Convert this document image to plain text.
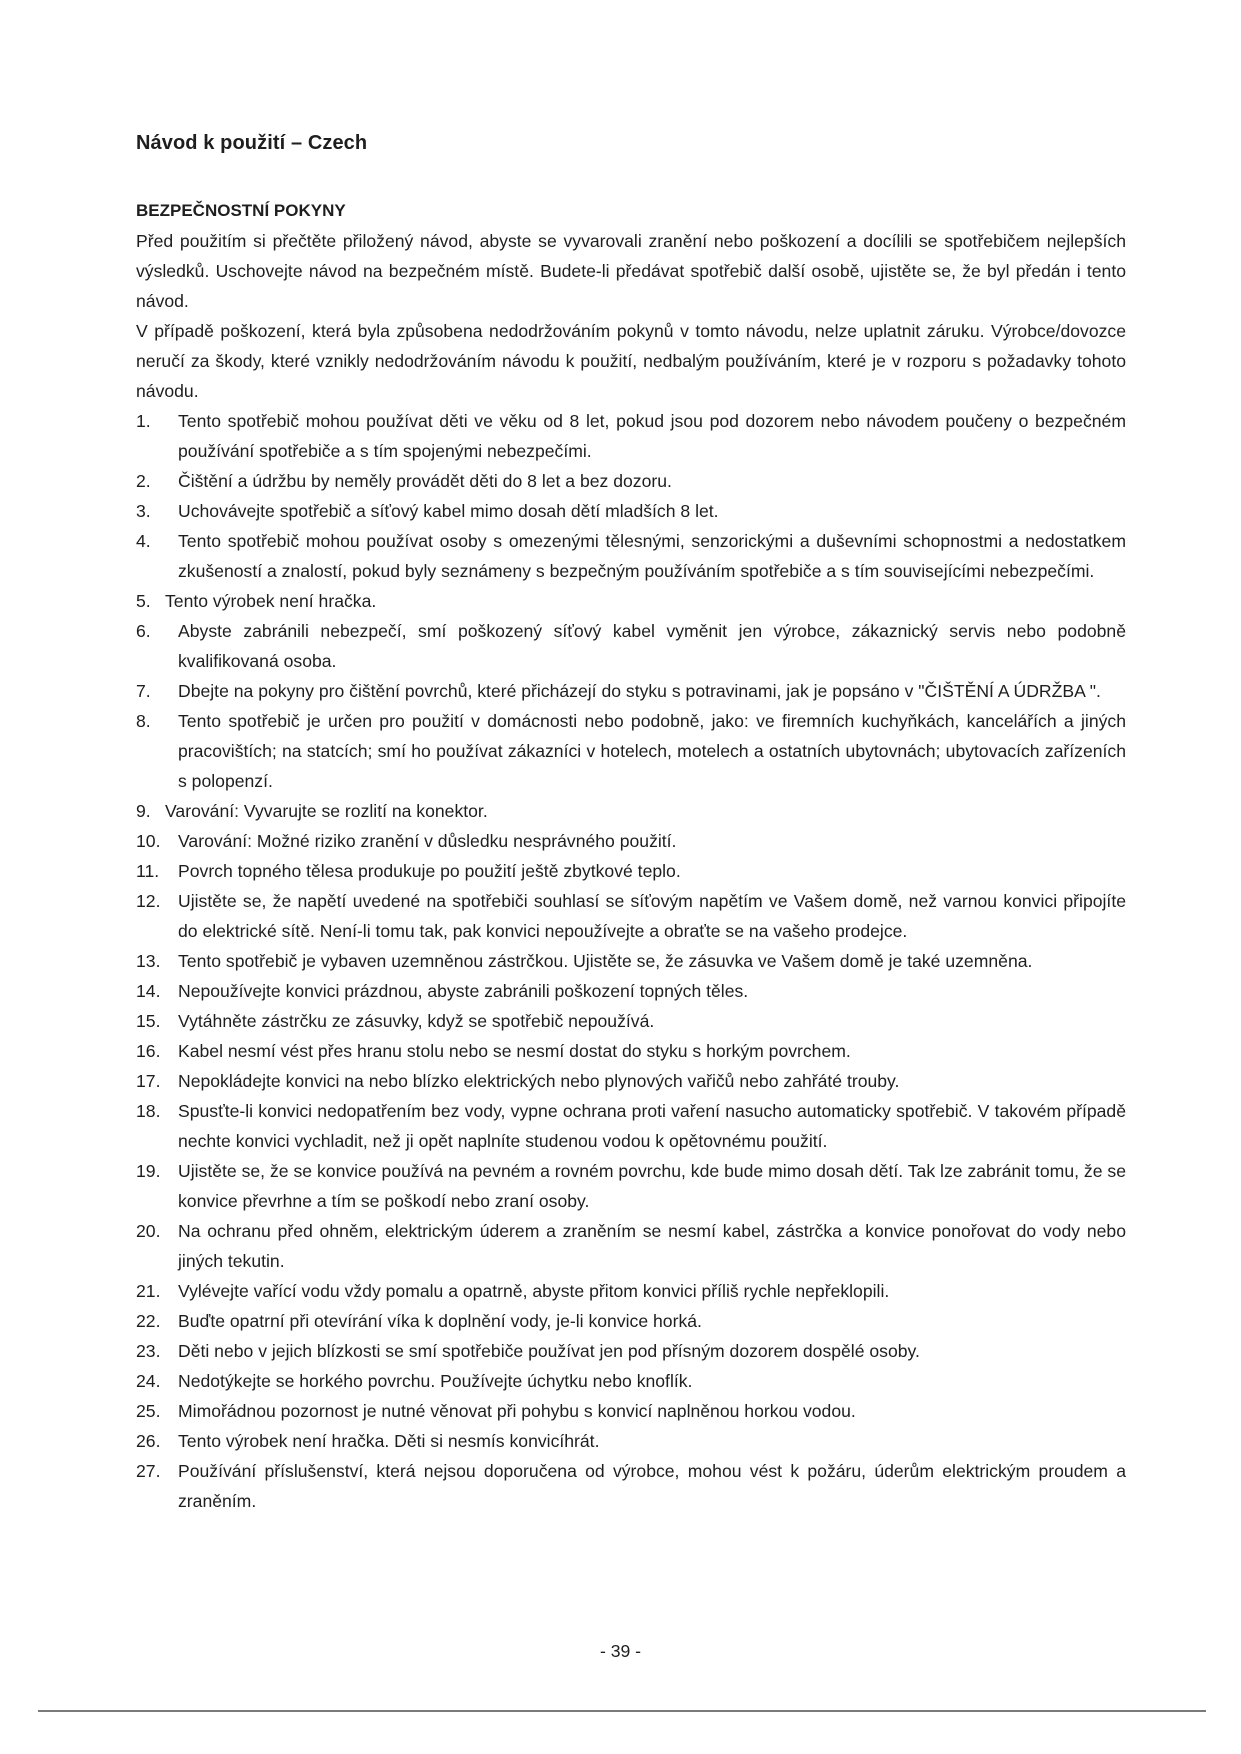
Návod k použití – Czech
BEZPEČNOSTNÍ POKYNY

Před použitím si přečtěte přiložený návod, abyste se vyvarovali zranění nebo poškození a docílili se spotřebičem nejlepších výsledků. Uschovejte návod na bezpečném místě. Budete-li předávat spotřebič další osobě, ujistěte se, že byl předán i tento návod.

V případě poškození, která byla způsobena nedodržováním pokynů v tomto návodu, nelze uplatnit záruku. Výrobce/dovozce neručí za škody, které vznikly nedodržováním návodu k použití, nedbalým používáním, které je v rozporu s požadavky tohoto návodu.

1. Tento spotřebič mohou používat děti ve věku od 8 let, pokud jsou pod dozorem nebo návodem poučeny o bezpečném používání spotřebiče a s tím spojenými nebezpečími.
2. Čištění a údržbu by neměly provádět děti do 8 let a bez dozoru.
3. Uchovávejte spotřebič a síťový kabel mimo dosah dětí mladších 8 let.
4. Tento spotřebič mohou používat osoby s omezenými tělesnými, senzorickými a duševními schopnostmi a nedostatkem zkušeností a znalostí, pokud byly seznámeny s bezpečným používáním spotřebiče a s tím souvisejícími nebezpečími.
5. Tento výrobek není hračka.
6. Abyste zabránili nebezpečí, smí poškozený síťový kabel vyměnit jen výrobce, zákaznický servis nebo podobně kvalifikovaná osoba.
7. Dbejte na pokyny pro čištění povrchů, které přicházejí do styku s potravinami, jak je popsáno v "ČIŠTĚNÍ A ÚDRŽBA ".
8. Tento spotřebič je určen pro použití v domácnosti nebo podobně, jako: ve firemních kuchyňkách, kancelářích a jiných pracovištích; na statcích; smí ho používat zákazníci v hotelech, motelech a ostatních ubytovnách; ubytovacích zařízeních s polopenzí.
9. Varování: Vyvarujte se rozlití na konektor.
10. Varování: Možné riziko zranění v důsledku nesprávného použití.
11. Povrch topného tělesa produkuje po použití ještě zbytkové teplo.
12. Ujistěte se, že napětí uvedené na spotřebiči souhlasí se síťovým napětím ve Vašem domě, než varnou konvici připojíte do elektrické sítě. Není-li tomu tak, pak konvici nepoužívejte a obraťte se na vašeho prodejce.
13. Tento spotřebič je vybaven uzemněnou zástrčkou. Ujistěte se, že zásuvka ve Vašem domě je také uzemněna.
14. Nepoužívejte konvici prázdnou, abyste zabránili poškození topných těles.
15. Vytáhněte zástrčku ze zásuvky, když se spotřebič nepoužívá.
16. Kabel nesmí vést přes hranu stolu nebo se nesmí dostat do styku s horkým povrchem.
17. Nepokládejte konvici na nebo blízko elektrických nebo plynových vařičů nebo zahřáté trouby.
18. Spusťte-li konvici nedopatřením bez vody, vypne ochrana proti vaření nasucho automaticky spotřebič. V takovém případě nechte konvici vychladit, než ji opět naplníte studenou vodou k opětovnému použití.
19. Ujistěte se, že se konvice používá na pevném a rovném povrchu, kde bude mimo dosah dětí. Tak lze zabránit tomu, že se konvice převrhne a tím se poškodí nebo zraní osoby.
20. Na ochranu před ohněm, elektrickým úderem a zraněním se nesmí kabel, zástrčka a konvice ponořovat do vody nebo jiných tekutin.
21. Vylévejte vařící vodu vždy pomalu a opatrně, abyste přitom konvici příliš rychle nepřeklopili.
22. Buďte opatrní při otevírání víka k doplnění vody, je-li konvice horká.
23. Děti nebo v jejich blízkosti se smí spotřebiče používat jen pod přísným dozorem dospělé osoby.
24. Nedotýkejte se horkého povrchu. Používejte úchytku nebo knoflík.
25. Mimořádnou pozornost je nutné věnovat při pohybu s konvicí naplněnou horkou vodou.
26. Tento výrobek není hračka. Děti si nesmís konvicíhrát.
27. Používání příslušenství, která nejsou doporučena od výrobce, mohou vést k požáru, úderům elektrickým proudem a zraněním.
- 39 -
